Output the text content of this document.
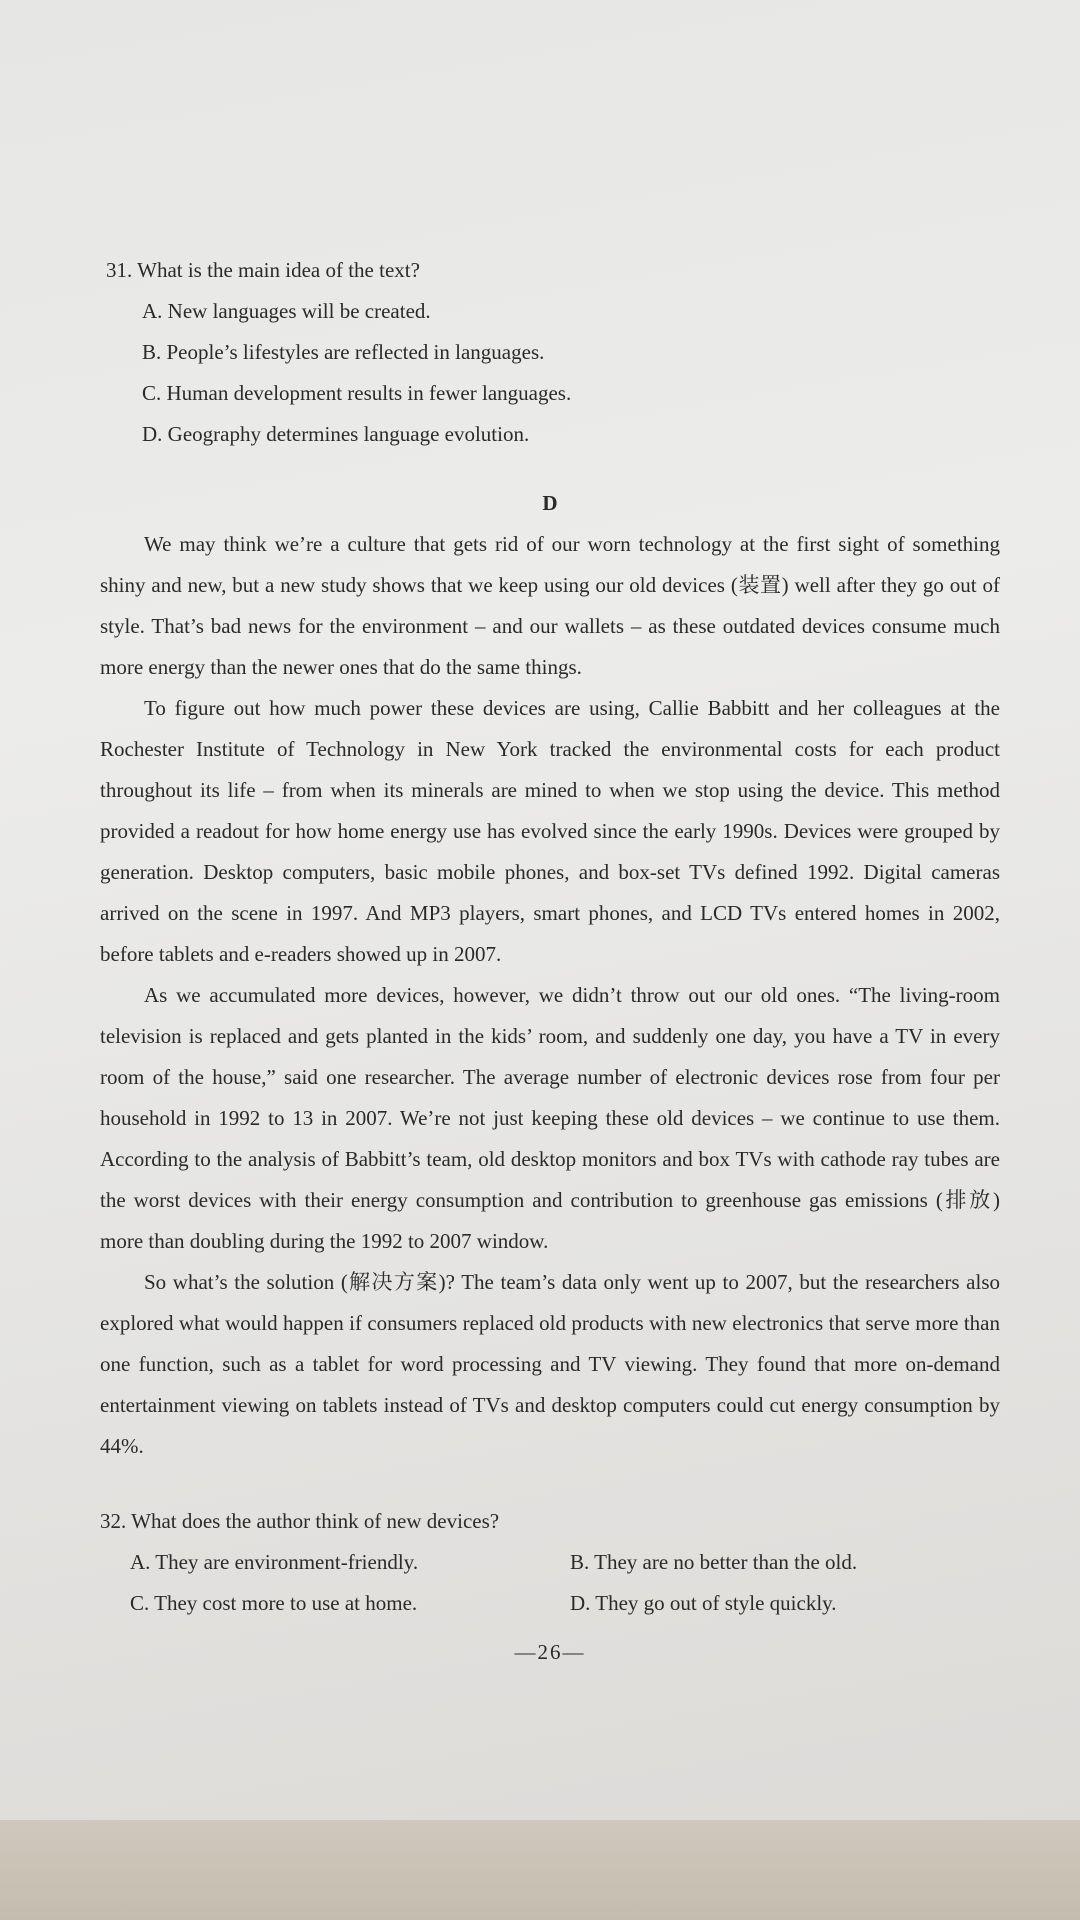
31. What is the main idea of the text?

A. New languages will be created.
B. People’s lifestyles are reflected in languages.
C. Human development results in fewer languages.
D. Geography determines language evolution.

D

We may think we’re a culture that gets rid of our worn technology at the first sight of something shiny and new, but a new study shows that we keep using our old devices (装置) well after they go out of style. That’s bad news for the environment – and our wallets – as these outdated devices consume much more energy than the newer ones that do the same things.

To figure out how much power these devices are using, Callie Babbitt and her colleagues at the Rochester Institute of Technology in New York tracked the environmental costs for each product throughout its life – from when its minerals are mined to when we stop using the device. This method provided a readout for how home energy use has evolved since the early 1990s. Devices were grouped by generation. Desktop computers, basic mobile phones, and box-set TVs defined 1992. Digital cameras arrived on the scene in 1997. And MP3 players, smart phones, and LCD TVs entered homes in 2002, before tablets and e-readers showed up in 2007.

As we accumulated more devices, however, we didn’t throw out our old ones. “The living-room television is replaced and gets planted in the kids’ room, and suddenly one day, you have a TV in every room of the house,” said one researcher. The average number of electronic devices rose from four per household in 1992 to 13 in 2007. We’re not just keeping these old devices – we continue to use them. According to the analysis of Babbitt’s team, old desktop monitors and box TVs with cathode ray tubes are the worst devices with their energy consumption and contribution to greenhouse gas emissions (排放) more than doubling during the 1992 to 2007 window.

So what’s the solution (解决方案)? The team’s data only went up to 2007, but the researchers also explored what would happen if consumers replaced old products with new electronics that serve more than one function, such as a tablet for word processing and TV viewing. They found that more on-demand entertainment viewing on tablets instead of TVs and desktop computers could cut energy consumption by 44%.

32. What does the author think of new devices?

A. They are environment-friendly.	B. They are no better than the old.
C. They cost more to use at home.	D. They go out of style quickly.
—26—
